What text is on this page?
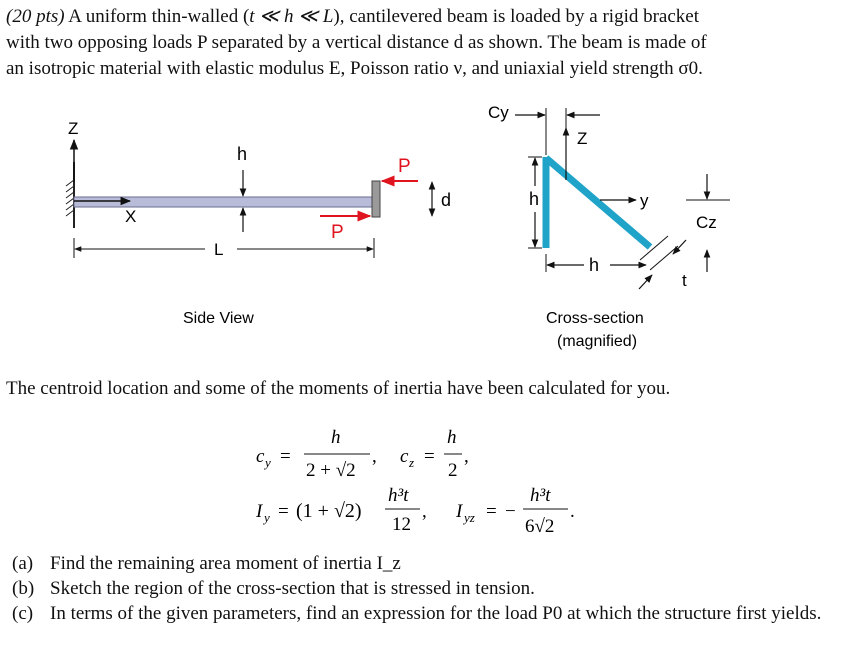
(20 pts) A uniform thin-walled (t ≪ h ≪ L), cantilevered beam is loaded by a rigid bracket
with two opposing loads P separated by a vertical distance d as shown. The beam is made of
an isotropic material with elastic modulus E, Poisson ratio ν, and uniaxial yield strength σ0.
Z
X
h
P
P
d
L
Side View
Cy
Z
y
Cz
h
h
t
Cross-section
(magnified)
The centroid location and some of the moments of inertia have been calculated for you.
c y =
h
2 + √2
, c z =
h
2
,
I y = (1 + √2)
h³t
12
, I yz = −
h³t
6√2
.
(a) Find the remaining area moment of inertia I_z
(b) Sketch the region of the cross-section that is stressed in tension.
(c) In terms of the given parameters, find an expression for the load P0 at which the structure first yields.
